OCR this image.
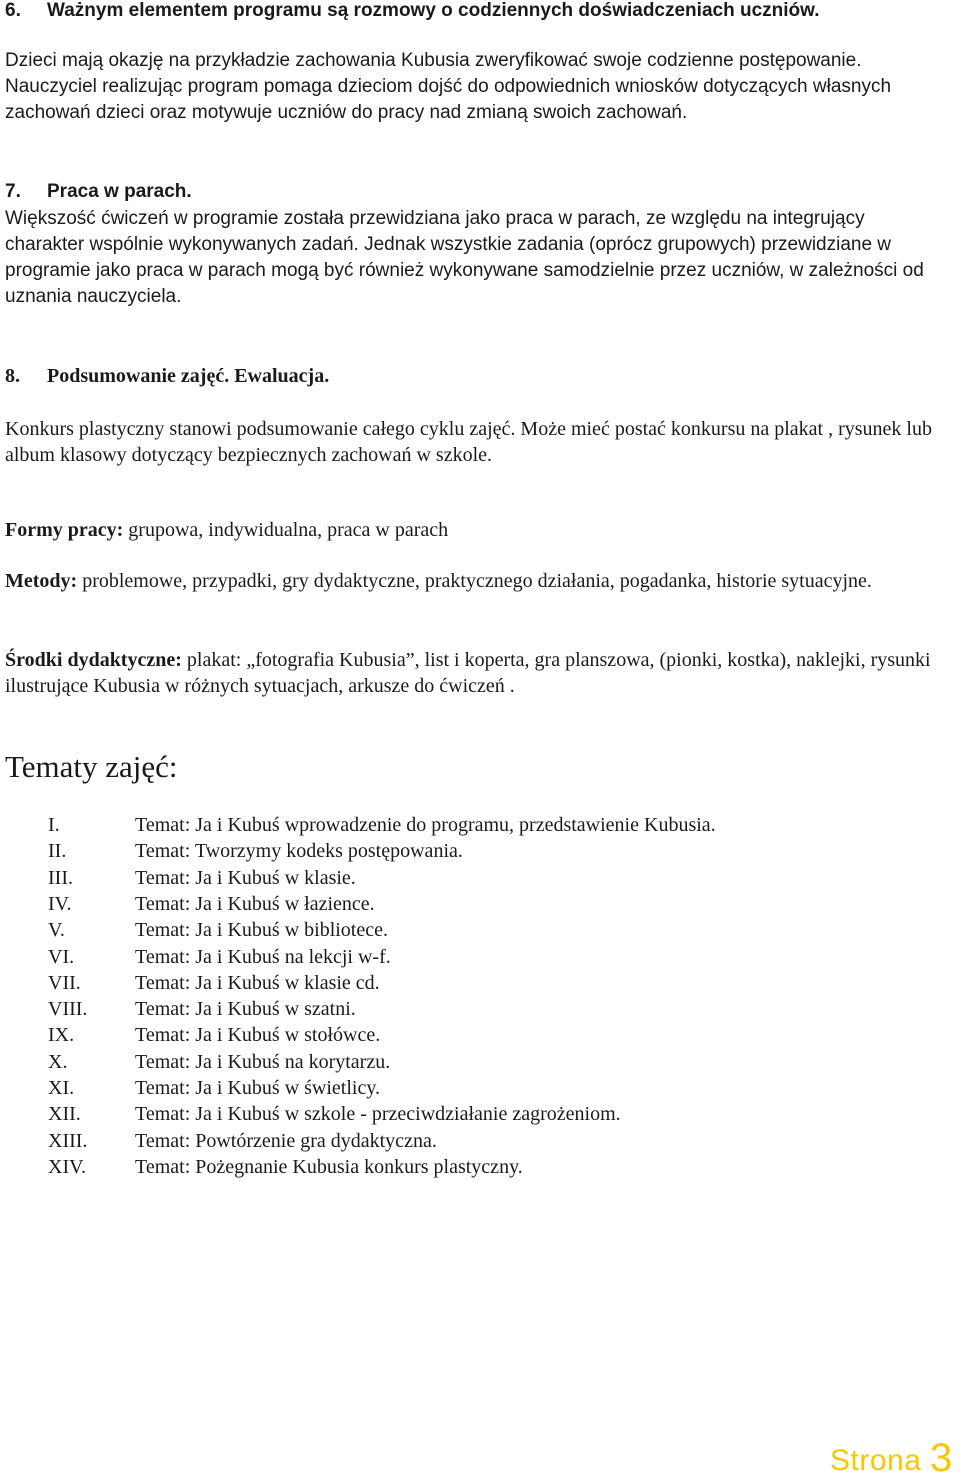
6. Ważnym elementem programu są rozmowy o codziennych doświadczeniach uczniów.

Dzieci mają okazję na przykładzie zachowania Kubusia zweryfikować swoje codzienne postępowanie. Nauczyciel realizując program pomaga dzieciom dojść do odpowiednich wniosków dotyczących własnych zachowań dzieci oraz motywuje uczniów do pracy nad zmianą swoich zachowań.

7. Praca w parach.

Większość ćwiczeń w programie została przewidziana jako praca w parach, ze względu na integrujący charakter wspólnie wykonywanych zadań. Jednak wszystkie zadania (oprócz grupowych) przewidziane w programie jako praca w parach mogą być również wykonywane samodzielnie przez uczniów, w zależności od uznania nauczyciela.

8. Podsumowanie zajęć. Ewaluacja.

Konkurs plastyczny stanowi podsumowanie całego cyklu zajęć. Może mieć postać konkursu na plakat , rysunek lub album klasowy dotyczący bezpiecznych zachowań w szkole.

Formy pracy: grupowa, indywidualna, praca w parach

Metody: problemowe, przypadki, gry dydaktyczne, praktycznego działania, pogadanka, historie sytuacyjne.

Środki dydaktyczne: plakat: „fotografia Kubusia”, list i koperta, gra planszowa, (pionki, kostka), naklejki, rysunki ilustrujące Kubusia w różnych sytuacjach, arkusze do ćwiczeń .

Tematy zajęć:
I.	Temat: Ja i Kubuś wprowadzenie do programu, przedstawienie Kubusia.
II.	Temat: Tworzymy kodeks postępowania.
III.	Temat: Ja i Kubuś w klasie.
IV.	Temat: Ja i Kubuś w łazience.
V.	Temat: Ja i Kubuś w bibliotece.
VI.	Temat: Ja i Kubuś na lekcji w-f.
VII.	Temat: Ja i Kubuś w klasie cd.
VIII. Temat: Ja i Kubuś w szatni.
IX.	Temat: Ja i Kubuś w stołówce.
X.	Temat: Ja i Kubuś na korytarzu.
XI.	Temat: Ja i Kubuś w świetlicy.
XII.	Temat: Ja i Kubuś w szkole - przeciwdziałanie zagrożeniom.
XIII. Temat: Powtórzenie gra dydaktyczna.
XIV. Temat: Pożegnanie Kubusia konkurs plastyczny.
Strona 3
